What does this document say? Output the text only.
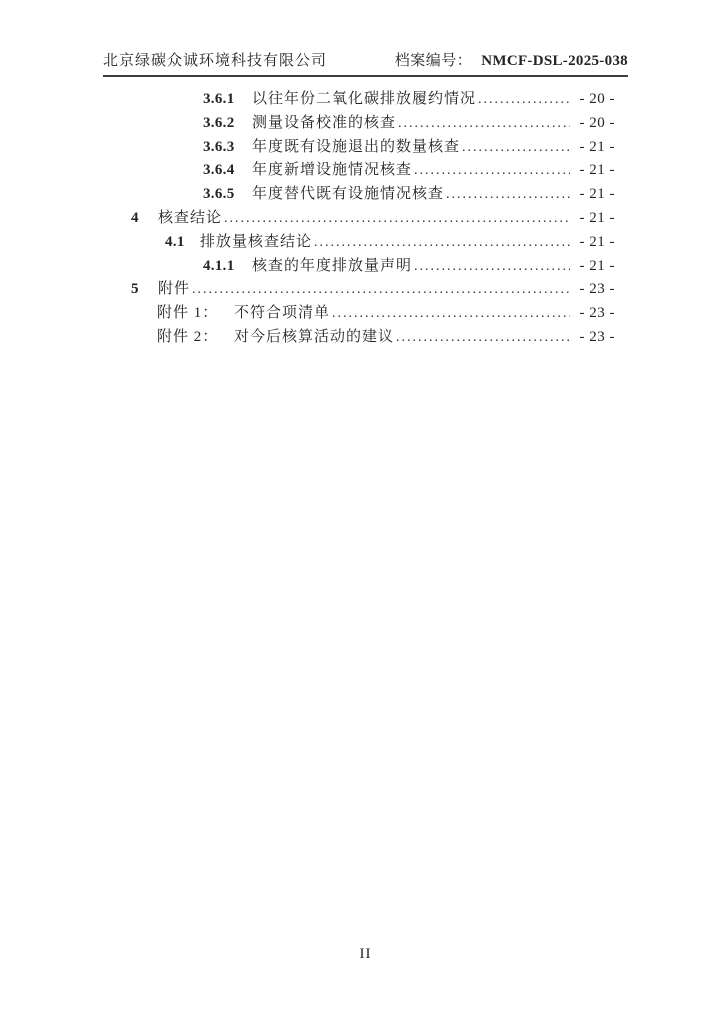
北京绿碳众诚环境科技有限公司	档案编号： NMCF-DSL-2025-038
3.6.1	以往年份二氧化碳排放履约情况 .....	- 20 -
3.6.2	测量设备校准的核查 .....	- 20 -
3.6.3	年度既有设施退出的数量核查 .....	- 21 -
3.6.4	年度新增设施情况核查 .....	- 21 -
3.6.5	年度替代既有设施情况核查 .....	- 21 -
4	核查结论 .....	- 21 -
4.1	排放量核查结论 .....	- 21 -
4.1.1	核查的年度排放量声明 .....	- 21 -
5	附件 .....	- 23 -
附件 1：	不符合项清单 .....	- 23 -
附件 2：	对今后核算活动的建议 .....	- 23 -
II
